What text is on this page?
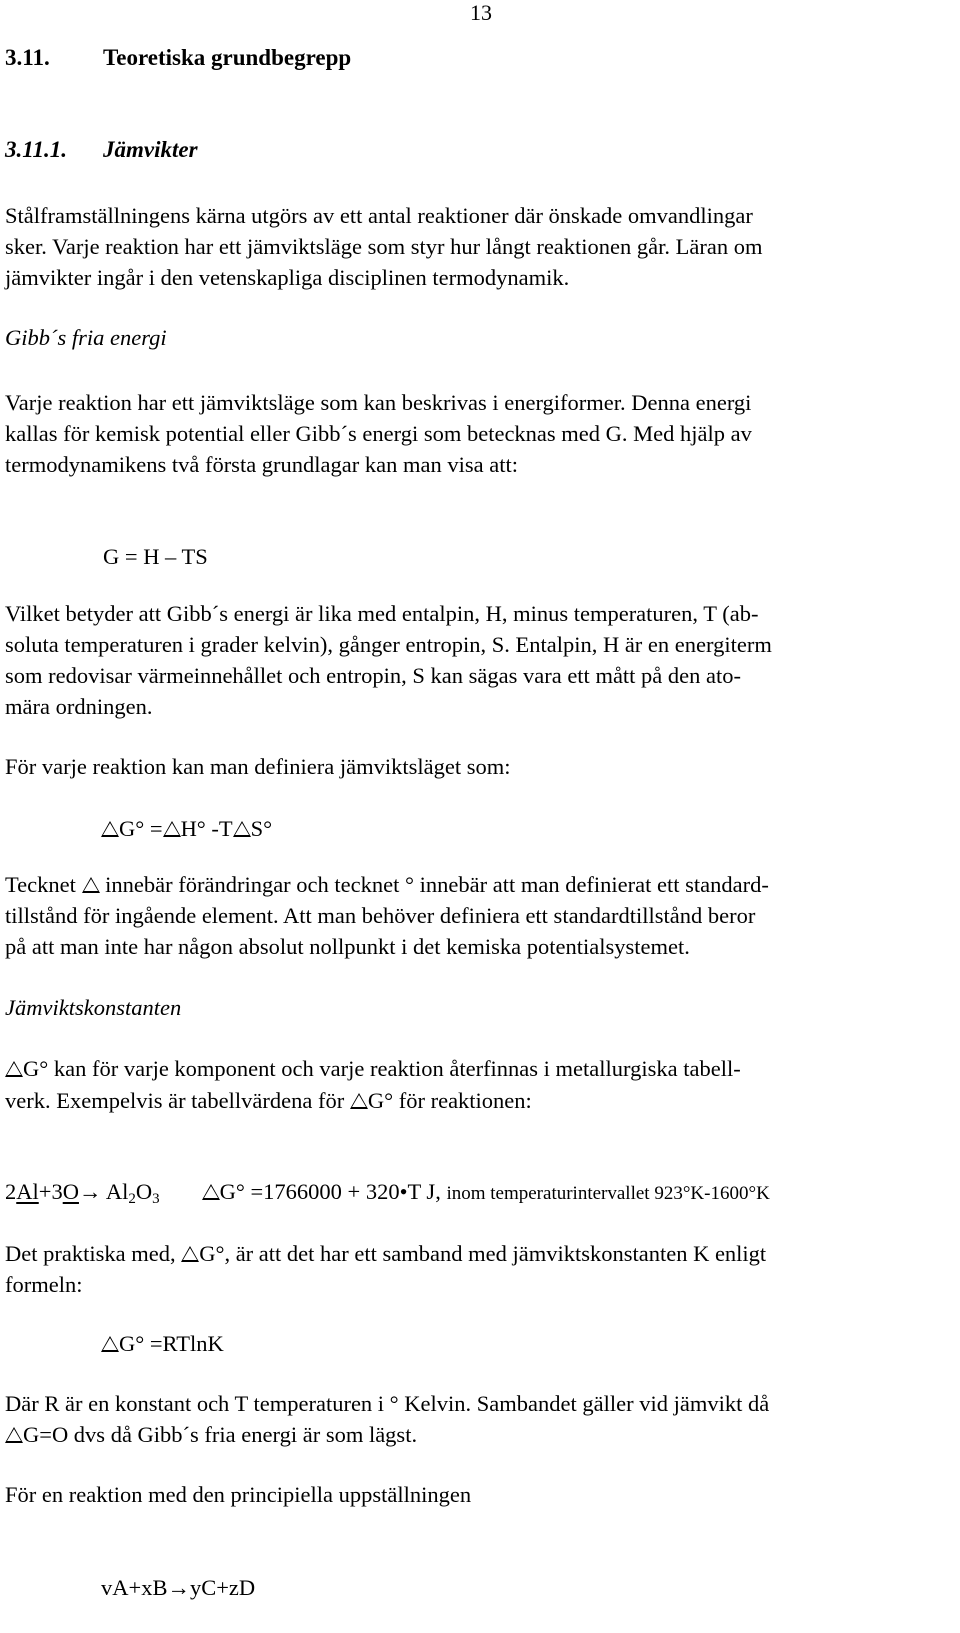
13

3.11. Teoretiska grundbegrepp

3.11.1. Jämvikter

Stålframställningens kärna utgörs av ett antal reaktioner där önskade omvandlingar

sker. Varje reaktion har ett jämviktsläge som styr hur långt reaktionen går. Läran om

jämvikter ingår i den vetenskapliga disciplinen termodynamik.

Gibb´s fria energi

Varje reaktion har ett jämviktsläge som kan beskrivas i energiformer. Denna energi

kallas för kemisk potential eller Gibb´s energi som betecknas med G. Med hjälp av

termodynamikens två första grundlagar kan man visa att:

G = H – TS

Vilket betyder att Gibb´s energi är lika med entalpin, H, minus temperaturen, T (ab-

soluta temperaturen i grader kelvin), gånger entropin, S. Entalpin, H är en energiterm

som redovisar värmeinnehållet och entropin, S kan sägas vara ett mått på den ato-

mära ordningen.

För varje reaktion kan man definiera jämviktsläget som:

G° = H° -T S°

Tecknet innebär förändringar och tecknet ° innebär att man definierat ett standard-

tillstånd för ingående element. Att man behöver definiera ett standardtillstånd beror

på att man inte har någon absolut nollpunkt i det kemiska potentialsystemet.

Jämviktskonstanten

G° kan för varje komponent och varje reaktion återfinnas i metallurgiska tabell-

verk. Exempelvis är tabellvärdena för G° för reaktionen:

$2Al+3O\to Al_2O_3$	G° =1766000 + 320•T J, inom temperaturintervallet 923°K-1600°K

Det praktiska med, G°, är att det har ett samband med jämviktskonstanten K enligt

formeln:

G° =RTlnK

Där R är en konstant och T temperaturen i ° Kelvin. Sambandet gäller vid jämvikt då

G=O dvs då Gibb´s fria energi är som lägst.

För en reaktion med den principiella uppställningen

vA+xB→yC+zD
